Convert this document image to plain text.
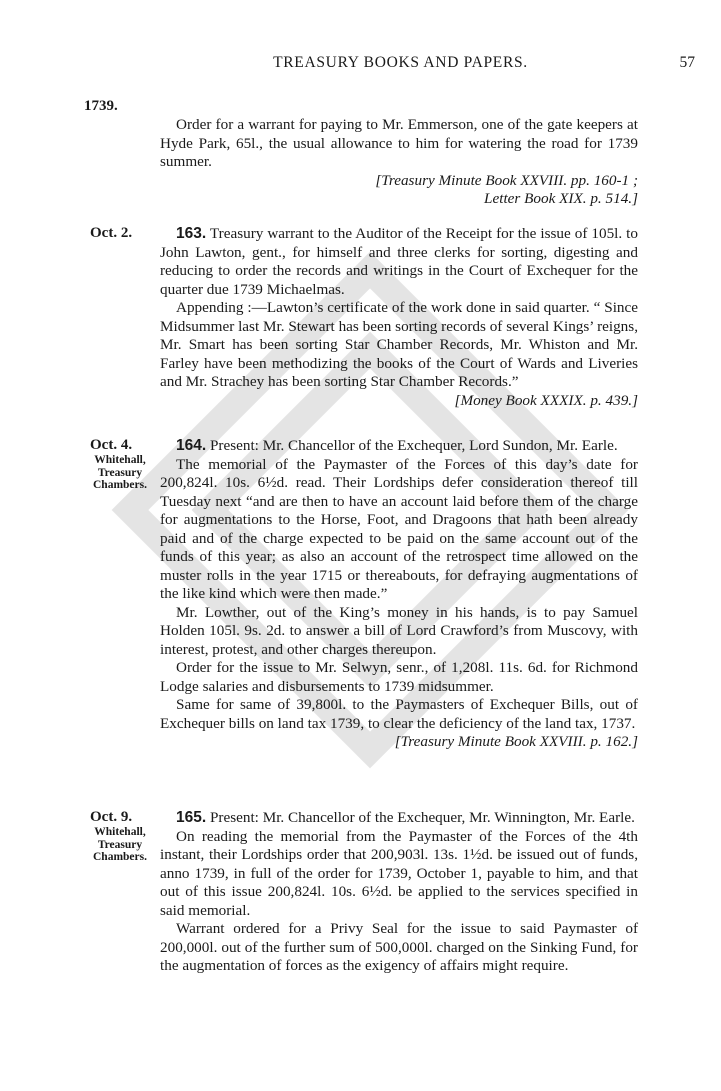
TREASURY BOOKS AND PAPERS.	57
1739.

Order for a warrant for paying to Mr. Emmerson, one of the gate keepers at Hyde Park, 65l., the usual allowance to him for watering the road for 1739 summer.

[Treasury Minute Book XXVIII. pp. 160-1 ;

Letter Book XIX. p. 514.]

Oct. 2.	163. Treasury warrant to the Auditor of the Receipt for the issue of 105l. to John Lawton, gent., for himself and three clerks for sorting, digesting and reducing to order the records and writings in the Court of Exchequer for the quarter due 1739 Michaelmas.

Appending :—Lawton’s certificate of the work done in said quarter. “ Since Midsummer last Mr. Stewart has been sorting records of several Kings’ reigns, Mr. Smart has been sorting Star Chamber Records, Mr. Whiston and Mr. Farley have been methodizing the books of the Court of Wards and Liveries and Mr. Strachey has been sorting Star Chamber Records.”

[Money Book XXXIX. p. 439.]

Oct. 4.
Whitehall, Treasury Chambers.

164. Present: Mr. Chancellor of the Exchequer, Lord Sundon, Mr. Earle.

The memorial of the Paymaster of the Forces of this day’s date for 200,824l. 10s. 6½d. read. Their Lordships defer consideration thereof till Tuesday next “and are then to have an account laid before them of the charge for augmentations to the Horse, Foot, and Dragoons that hath been already paid and of the charge expected to be paid on the same account out of the funds of this year; as also an account of the retrospect time allowed on the muster rolls in the year 1715 or thereabouts, for defraying augmentations of the like kind which were then made.”

Mr. Lowther, out of the King’s money in his hands, is to pay Samuel Holden 105l. 9s. 2d. to answer a bill of Lord Crawford’s from Muscovy, with interest, protest, and other charges thereupon.

Order for the issue to Mr. Selwyn, senr., of 1,208l. 11s. 6d. for Richmond Lodge salaries and disbursements to 1739 midsummer.

Same for same of 39,800l. to the Paymasters of Exchequer Bills, out of Exchequer bills on land tax 1739, to clear the deficiency of the land tax, 1737.

[Treasury Minute Book XXVIII. p. 162.]

Oct. 9.
Whitehall, Treasury Chambers.

165. Present: Mr. Chancellor of the Exchequer, Mr. Winnington, Mr. Earle.

On reading the memorial from the Paymaster of the Forces of the 4th instant, their Lordships order that 200,903l. 13s. 1½d. be issued out of funds, anno 1739, in full of the order for 1739, October 1, payable to him, and that out of this issue 200,824l. 10s. 6½d. be applied to the services specified in said memorial.

Warrant ordered for a Privy Seal for the issue to said Paymaster of 200,000l. out of the further sum of 500,000l. charged on the Sinking Fund, for the augmentation of forces as the exigency of affairs might require.
